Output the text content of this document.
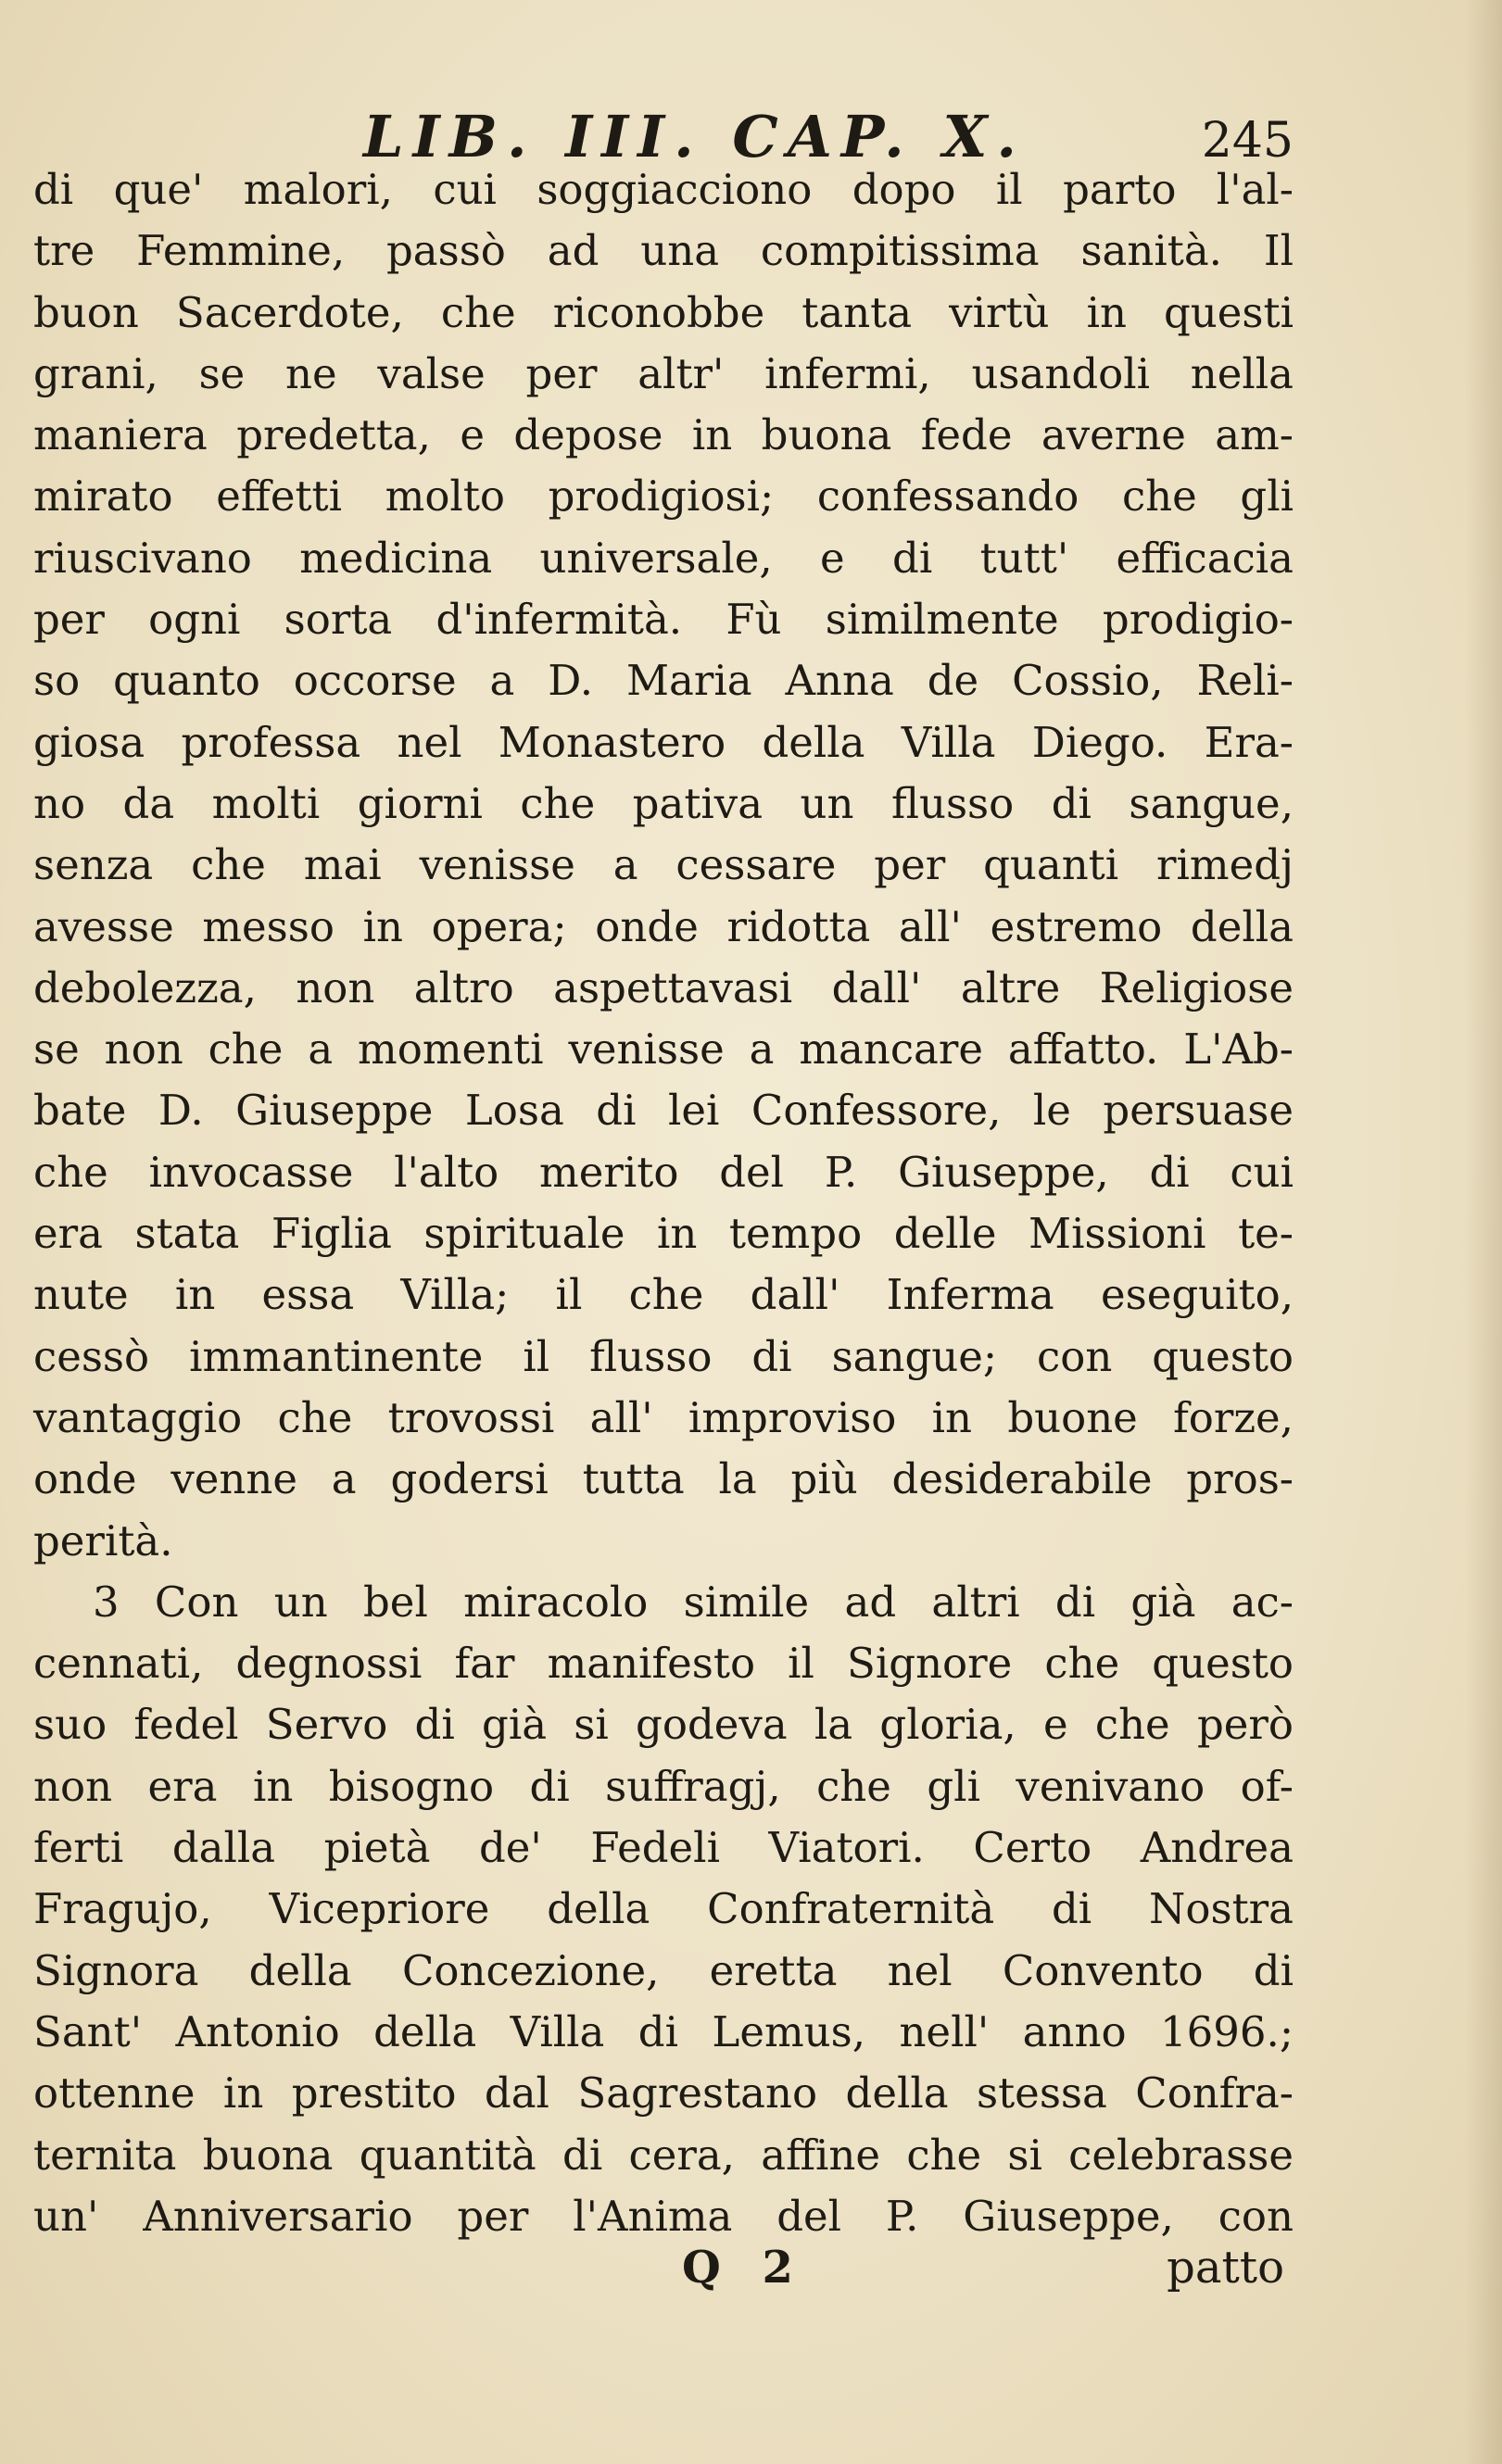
LIB. III. CAP. X.	245
di que' malori, cui soggiacciono dopo il parto l'al-
tre Femmine, passò ad una compitissima sanità. Il
buon Sacerdote, che riconobbe tanta virtù in questi
grani, se ne valse per altr' infermi, usandoli nella
maniera predetta, e depose in buona fede averne am-
mirato effetti molto prodigiosi; confessando che gli
riuscivano medicina universale, e di tutt' efficacia
per ogni sorta d'infermità. Fù similmente prodigio-
so quanto occorse a D. Maria Anna de Cossio, Reli-
giosa professa nel Monastero della Villa Diego. Era-
no da molti giorni che pativa un flusso di sangue,
senza che mai venisse a cessare per quanti rimedj
avesse messo in opera; onde ridotta all' estremo della
debolezza, non altro aspettavasi dall' altre Religiose
se non che a momenti venisse a mancare affatto. L'Ab-
bate D. Giuseppe Losa di lei Confessore, le persuase
che invocasse l'alto merito del P. Giuseppe, di cui
era stata Figlia spirituale in tempo delle Missioni te-
nute in essa Villa; il che dall' Inferma eseguito,
cessò immantinente il flusso di sangue; con questo
vantaggio che trovossi all' improviso in buone forze,
onde venne a godersi tutta la più desiderabile pros-
perità.
3 Con un bel miracolo simile ad altri di già ac-
cennati, degnossi far manifesto il Signore che questo
suo fedel Servo di già si godeva la gloria, e che però
non era in bisogno di suffragj, che gli venivano of-
ferti dalla pietà de' Fedeli Viatori. Certo Andrea
Fragujo, Vicepriore della Confraternità di Nostra
Signora della Concezione, eretta nel Convento di
Sant' Antonio della Villa di Lemus, nell' anno 1696.;
ottenne in prestito dal Sagrestano della stessa Confra-
ternita buona quantità di cera, affine che si celebrasse
un' Anniversario per l'Anima del P. Giuseppe, con
Q 2	patto
